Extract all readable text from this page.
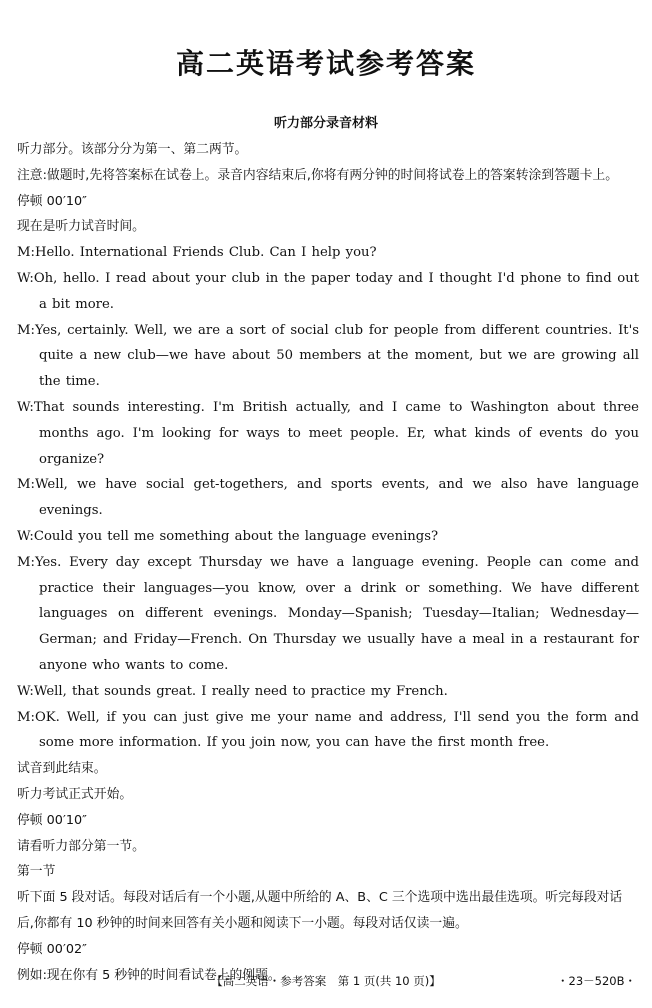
高二英语考试参考答案
听力部分录音材料

听力部分。该部分分为第一、第二两节。

注意:做题时,先将答案标在试卷上。录音内容结束后,你将有两分钟的时间将试卷上的答案转涂到答题卡上。

停顿 00′10″

现在是听力试音时间。

M:Hello. International Friends Club. Can I help you?

W:Oh, hello. I read about your club in the paper today and I thought I'd phone to find out a bit more.

M:Yes, certainly. Well, we are a sort of social club for people from different countries. It's quite a new club—we have about 50 members at the moment, but we are growing all the time.

W:That sounds interesting. I'm British actually, and I came to Washington about three months ago. I'm looking for ways to meet people. Er, what kinds of events do you organize?

M:Well, we have social get-togethers, and sports events, and we also have language evenings.

W:Could you tell me something about the language evenings?

M:Yes. Every day except Thursday we have a language evening. People can come and practice their languages—you know, over a drink or something. We have different languages on different evenings. Monday—Spanish; Tuesday—Italian; Wednesday—German; and Friday—French. On Thursday we usually have a meal in a restaurant for anyone who wants to come.

W:Well, that sounds great. I really need to practice my French.

M:OK. Well, if you can just give me your name and address, I'll send you the form and some more information. If you join now, you can have the first month free.

试音到此结束。

听力考试正式开始。

停顿 00′10″

请看听力部分第一节。

第一节

听下面 5 段对话。每段对话后有一个小题,从题中所给的 A、B、C 三个选项中选出最佳选项。听完每段对话后,你都有 10 秒钟的时间来回答有关小题和阅读下一小题。每段对话仅读一遍。

停顿 00′02″

例如:现在你有 5 秒钟的时间看试卷上的例题。

【高二英语・参考答案　第 1 页(共 10 页)】	・23－520B・
